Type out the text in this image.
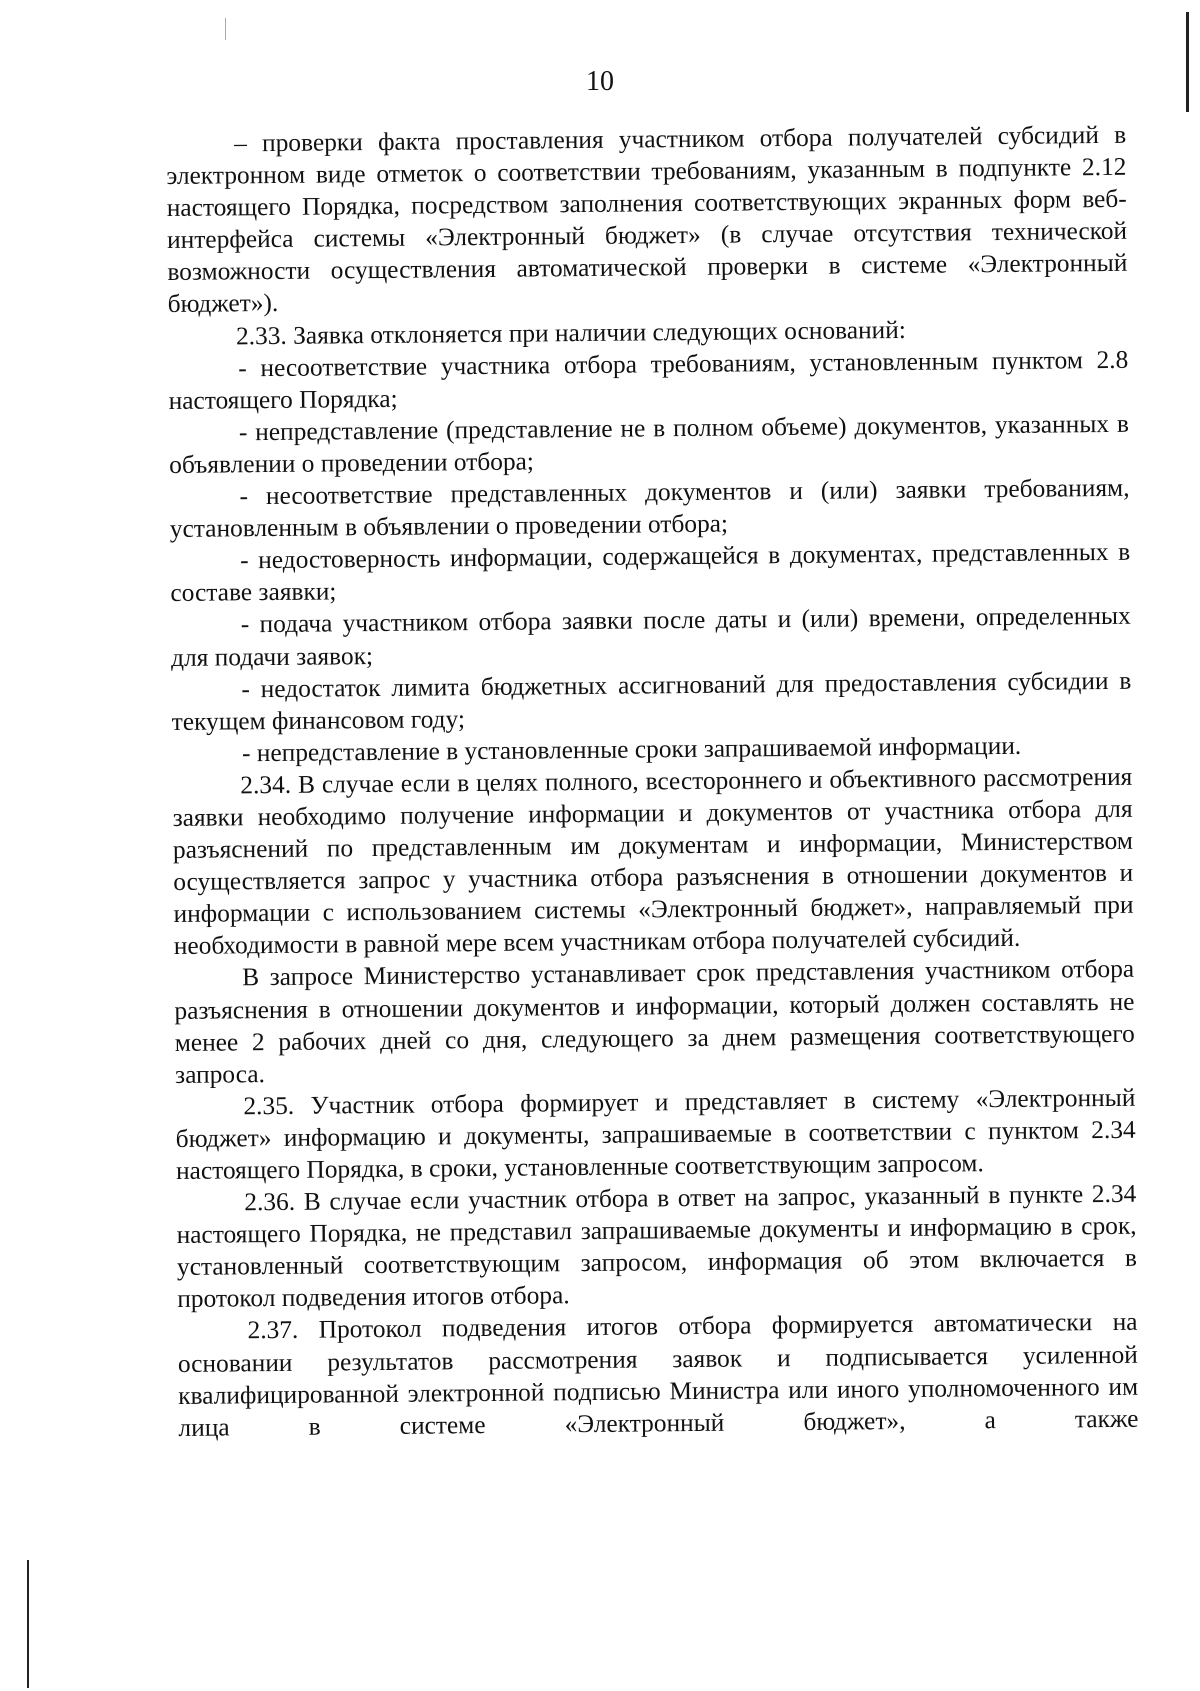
10

– проверки факта проставления участником отбора получателей субсидий в электронном виде отметок о соответствии требованиям, указанным в подпункте 2.12 настоящего Порядка, посредством заполнения соответствующих экранных форм веб-интерфейса системы «Электронный бюджет» (в случае отсутствия технической возможности осуществления автоматической проверки в системе «Электронный бюджет»).

2.33. Заявка отклоняется при наличии следующих оснований:

- несоответствие участника отбора требованиям, установленным пунктом 2.8 настоящего Порядка;

- непредставление (представление не в полном объеме) документов, указанных в объявлении о проведении отбора;

- несоответствие представленных документов и (или) заявки требованиям, установленным в объявлении о проведении отбора;

- недостоверность информации, содержащейся в документах, представленных в составе заявки;

- подача участником отбора заявки после даты и (или) времени, определенных для подачи заявок;

- недостаток лимита бюджетных ассигнований для предоставления субсидии в текущем финансовом году;

- непредставление в установленные сроки запрашиваемой информации.

2.34. В случае если в целях полного, всестороннего и объективного рассмотрения заявки необходимо получение информации и документов от участника отбора для разъяснений по представленным им документам и информации, Министерством осуществляется запрос у участника отбора разъяснения в отношении документов и информации с использованием системы «Электронный бюджет», направляемый при необходимости в равной мере всем участникам отбора получателей субсидий.

В запросе Министерство устанавливает срок представления участником отбора разъяснения в отношении документов и информации, который должен составлять не менее 2 рабочих дней со дня, следующего за днем размещения соответствующего запроса.

2.35. Участник отбора формирует и представляет в систему «Электронный бюджет» информацию и документы, запрашиваемые в соответствии с пунктом 2.34 настоящего Порядка, в сроки, установленные соответствующим запросом.

2.36. В случае если участник отбора в ответ на запрос, указанный в пункте 2.34 настоящего Порядка, не представил запрашиваемые документы и информацию в срок, установленный соответствующим запросом, информация об этом включается в протокол подведения итогов отбора.

2.37. Протокол подведения итогов отбора формируется автоматически на основании результатов рассмотрения заявок и подписывается усиленной квалифицированной электронной подписью Министра или иного уполномоченного им лица в системе «Электронный бюджет», а также
